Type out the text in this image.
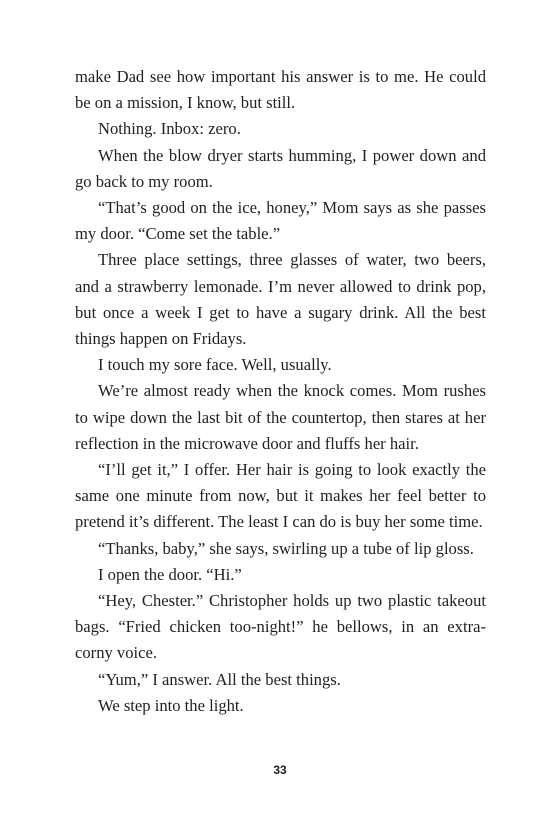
make Dad see how important his answer is to me. He could be on a mission, I know, but still.

Nothing. Inbox: zero.

When the blow dryer starts humming, I power down and go back to my room.

“That’s good on the ice, honey,” Mom says as she passes my door. “Come set the table.”

Three place settings, three glasses of water, two beers, and a strawberry lemonade. I’m never allowed to drink pop, but once a week I get to have a sugary drink. All the best things happen on Fridays.

I touch my sore face. Well, usually.

We’re almost ready when the knock comes. Mom rushes to wipe down the last bit of the countertop, then stares at her reflection in the microwave door and fluffs her hair.

“I’ll get it,” I offer. Her hair is going to look exactly the same one minute from now, but it makes her feel better to pretend it’s different. The least I can do is buy her some time.

“Thanks, baby,” she says, swirling up a tube of lip gloss.

I open the door. “Hi.”

“Hey, Chester.” Christopher holds up two plastic takeout bags. “Fried chicken too-night!” he bellows, in an extra-corny voice.

“Yum,” I answer. All the best things.

We step into the light.

33
